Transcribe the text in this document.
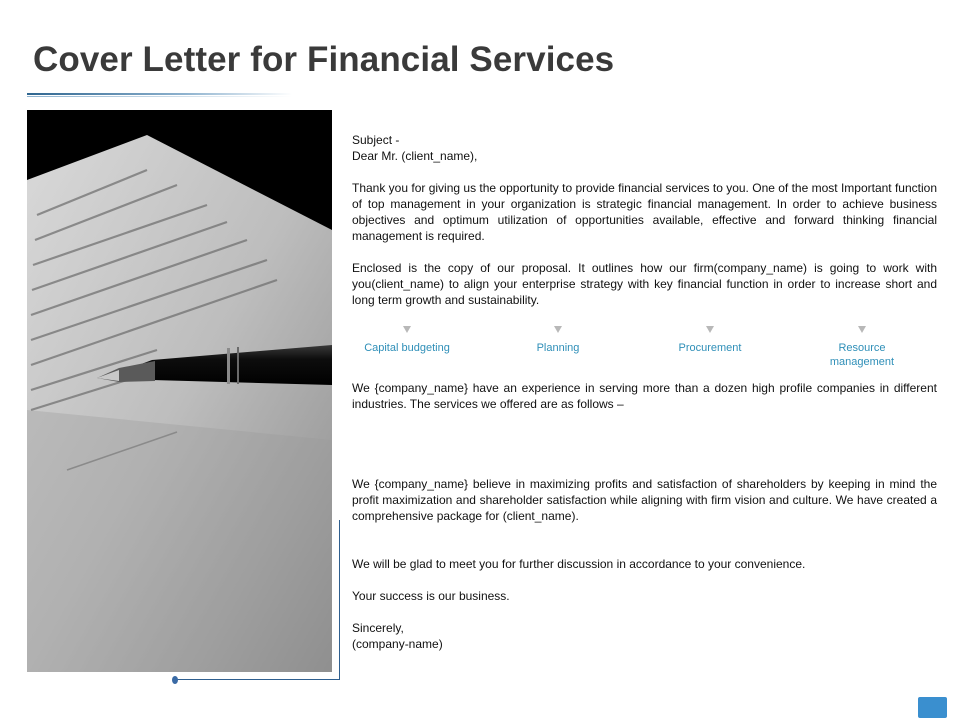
Cover Letter for Financial Services

Subject -

Dear Mr. (client_name),

Thank you for giving us the opportunity to provide financial services to you. One of the most Important function of top management in your organization is strategic financial management. In order to achieve business objectives and optimum utilization of opportunities available, effective and forward thinking financial management is required.

Enclosed is the copy of our proposal. It outlines how our firm(company_name) is going to work with you(client_name) to align your enterprise strategy with key financial function in order to increase short and long term growth and sustainability.

We {company_name} have an experience in serving more than a dozen high profile companies in different industries. The services we offered are as follows –

We {company_name} believe in maximizing profits and satisfaction of shareholders by keeping in mind the profit maximization and shareholder satisfaction while aligning with firm vision and culture. We have created a comprehensive package for (client_name).

We will be glad to meet you for further discussion in accordance to your convenience.

Your success is our business.

Sincerely,

(company-name)

Capital budgeting	Planning	Procurement	Resource management
